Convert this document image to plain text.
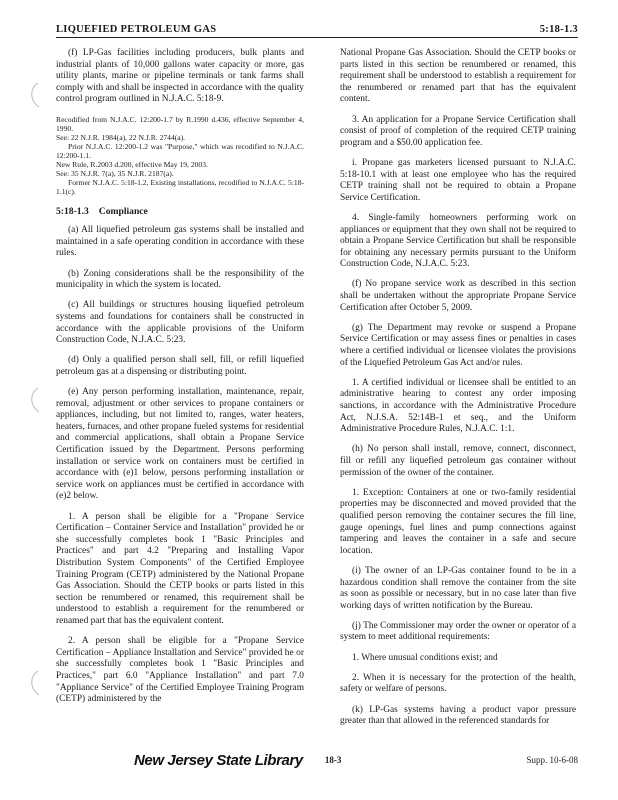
LIQUEFIED PETROLEUM GAS	5:18-1.3

(f) LP-Gas facilities including producers, bulk plants and industrial plants of 10,000 gallons water capacity or more, gas utility plants, marine or pipeline terminals or tank farms shall comply with and shall be inspected in accordance with the quality control program outlined in N.J.A.C. 5:18-9.

Recodified from N.J.A.C. 12:200-1.7 by R.1990 d.436, effective September 4, 1990.

See: 22 N.J.R. 1984(a), 22 N.J.R. 2744(a).

Prior N.J.A.C. 12:200-1.2 was "Purpose," which was recodified to N.J.A.C. 12:200-1.1.

New Rule, R.2003 d.200, effective May 19, 2003.

See: 35 N.J.R. 7(a), 35 N.J.R. 2187(a).

Former N.J.A.C. 5:18-1.2, Existing installations, recodified to N.J.A.C. 5:18-1.1(c).

5:18-1.3 Compliance

(a) All liquefied petroleum gas systems shall be installed and maintained in a safe operating condition in accordance with these rules.

(b) Zoning considerations shall be the responsibility of the municipality in which the system is located.

(c) All buildings or structures housing liquefied petroleum systems and foundations for containers shall be constructed in accordance with the applicable provisions of the Uniform Construction Code, N.J.A.C. 5:23.

(d) Only a qualified person shall sell, fill, or refill liquefied petroleum gas at a dispensing or distributing point.

(e) Any person performing installation, maintenance, repair, removal, adjustment or other services to propane containers or appliances, including, but not limited to, ranges, water heaters, heaters, furnaces, and other propane fueled systems for residential and commercial applications, shall obtain a Propane Service Certification issued by the Department. Persons performing installation or service work on containers must be certified in accordance with (e)1 below, persons performing installation or service work on appliances must be certified in accordance with (e)2 below.

1. A person shall be eligible for a "Propane Service Certification – Container Service and Installation" provided he or she successfully completes book 1 "Basic Principles and Practices" and part 4.2 "Preparing and Installing Vapor Distribution System Components" of the Certified Employee Training Program (CETP) administered by the National Propane Gas Association. Should the CETP books or parts listed in this section be renumbered or renamed, this requirement shall be understood to establish a requirement for the renumbered or renamed part that has the equivalent content.

2. A person shall be eligible for a "Propane Service Certification – Appliance Installation and Service" provided he or she successfully completes book 1 "Basic Principles and Practices," part 6.0 "Appliance Installation" and part 7.0 "Appliance Service" of the Certified Employee Training Program (CETP) administered by the

National Propane Gas Association. Should the CETP books or parts listed in this section be renumbered or renamed, this requirement shall be understood to establish a requirement for the renumbered or renamed part that has the equivalent content.

3. An application for a Propane Service Certification shall consist of proof of completion of the required CETP training program and a $50.00 application fee.

i. Propane gas marketers licensed pursuant to N.J.A.C. 5:18-10.1 with at least one employee who has the required CETP training shall not be required to obtain a Propane Service Certification.

4. Single-family homeowners performing work on appliances or equipment that they own shall not be required to obtain a Propane Service Certification but shall be responsible for obtaining any necessary permits pursuant to the Uniform Construction Code, N.J.A.C. 5:23.

(f) No propane service work as described in this section shall be undertaken without the appropriate Propane Service Certification after October 5, 2009.

(g) The Department may revoke or suspend a Propane Service Certification or may assess fines or penalties in cases where a certified individual or licensee violates the provisions of the Liquefied Petroleum Gas Act and/or rules.

1. A certified individual or licensee shall be entitled to an administrative hearing to contest any order imposing sanctions, in accordance with the Administrative Procedure Act, N.J.S.A. 52:14B-1 et seq., and the Uniform Administrative Procedure Rules, N.J.A.C. 1:1.

(h) No person shall install, remove, connect, disconnect, fill or refill any liquefied petroleum gas container without permission of the owner of the container.

1. Exception: Containers at one or two-family residential properties may be disconnected and moved provided that the qualified person removing the container secures the fill line, gauge openings, fuel lines and pump connections against tampering and leaves the container in a safe and secure location.

(i) The owner of an LP-Gas container found to be in a hazardous condition shall remove the container from the site as soon as possible or necessary, but in no case later than five working days of written notification by the Bureau.

(j) The Commissioner may order the owner or operator of a system to meet additional requirements:

1. Where unusual conditions exist; and

2. When it is necessary for the protection of the health, safety or welfare of persons.

(k) LP-Gas systems having a product vapor pressure greater than that allowed in the referenced standards for

New Jersey State Library 18-3	Supp. 10-6-08
